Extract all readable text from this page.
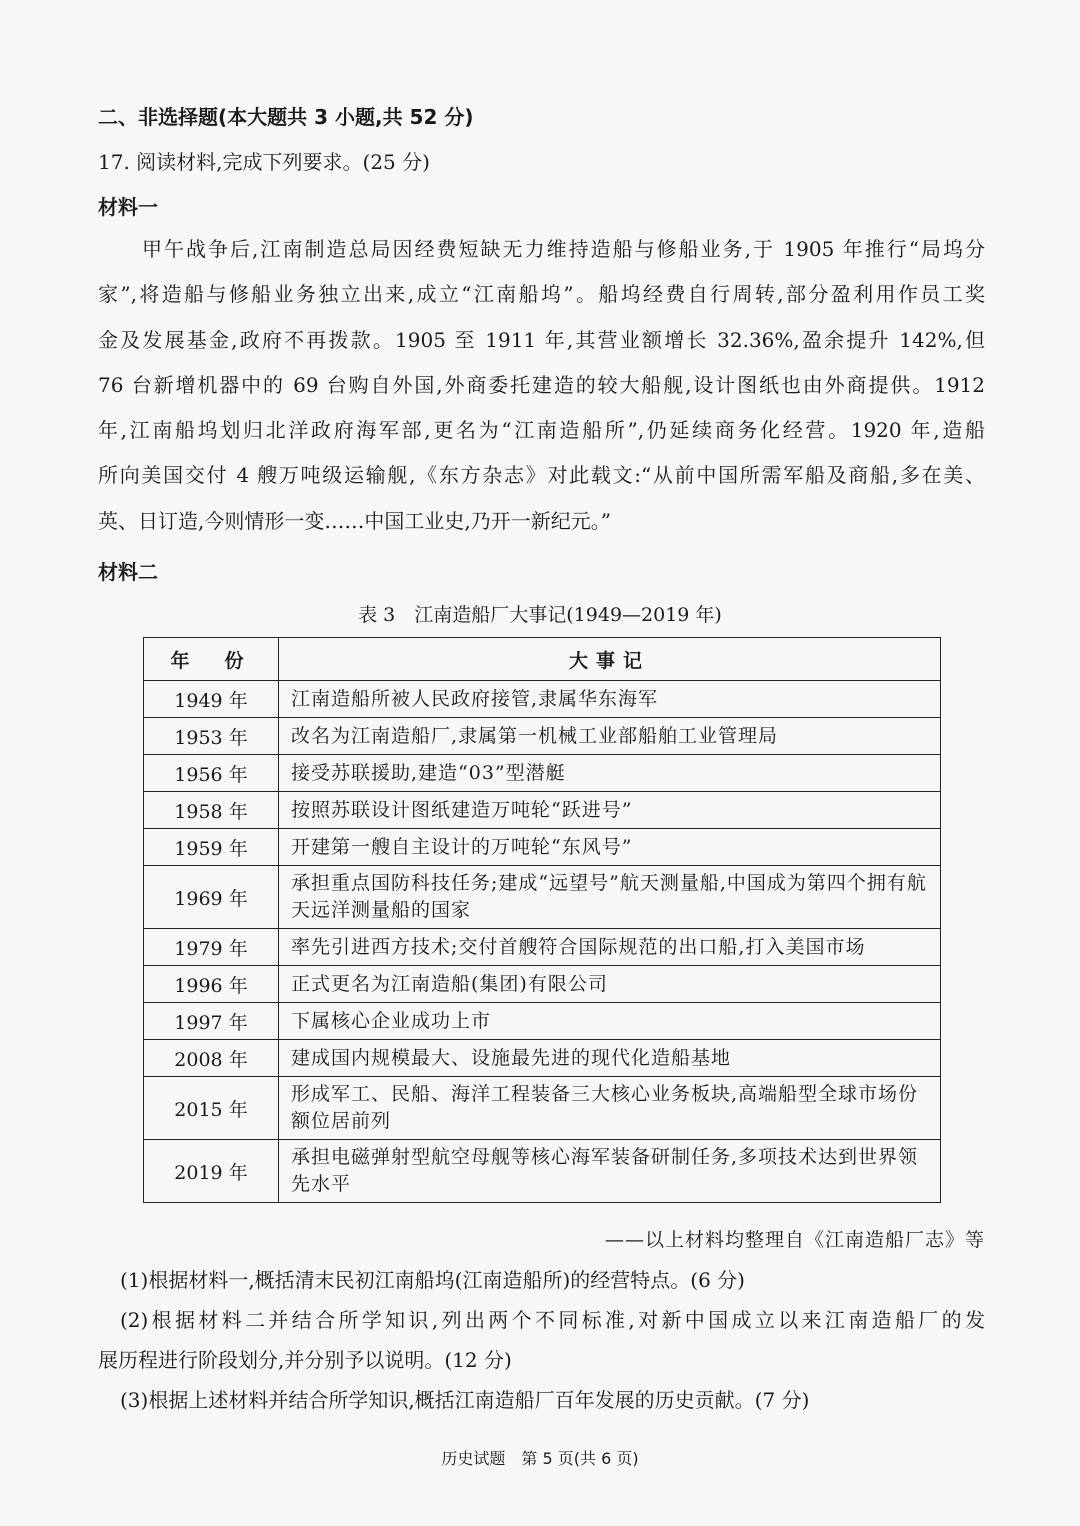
二、非选择题(本大题共 3 小题,共 52 分)
17. 阅读材料,完成下列要求。(25 分)
材料一
甲午战争后,江南制造总局因经费短缺无力维持造船与修船业务,于 1905 年推行“局坞分
家”,将造船与修船业务独立出来,成立“江南船坞”。船坞经费自行周转,部分盈利用作员工奖
金及发展基金,政府不再拨款。1905 至 1911 年,其营业额增长 32.36%,盈余提升 142%,但
76 台新增机器中的 69 台购自外国,外商委托建造的较大船舰,设计图纸也由外商提供。1912
年,江南船坞划归北洋政府海军部,更名为“江南造船所”,仍延续商务化经营。1920 年,造船
所向美国交付 4 艘万吨级运输舰,《东方杂志》对此载文:“从前中国所需军船及商船,多在美、
英、日订造,今则情形一变……中国工业史,乃开一新纪元。”
材料二
表 3　江南造船厂大事记(1949—2019 年)
年　份	大事记
1949 年	江南造船所被人民政府接管,隶属华东海军
1953 年	改名为江南造船厂,隶属第一机械工业部船舶工业管理局
1956 年	接受苏联援助,建造“03”型潜艇
1958 年	按照苏联设计图纸建造万吨轮“跃进号”
1959 年	开建第一艘自主设计的万吨轮“东风号”
1969 年	承担重点国防科技任务;建成“远望号”航天测量船,中国成为第四个拥有航天远洋测量船的国家
1979 年	率先引进西方技术;交付首艘符合国际规范的出口船,打入美国市场
1996 年	正式更名为江南造船(集团)有限公司
1997 年	下属核心企业成功上市
2008 年	建成国内规模最大、设施最先进的现代化造船基地
2015 年	形成军工、民船、海洋工程装备三大核心业务板块,高端船型全球市场份额位居前列
2019 年	承担电磁弹射型航空母舰等核心海军装备研制任务,多项技术达到世界领先水平
——以上材料均整理自《江南造船厂志》等
(1)根据材料一,概括清末民初江南船坞(江南造船所)的经营特点。(6 分)
(2)根据材料二并结合所学知识,列出两个不同标准,对新中国成立以来江南造船厂的发
展历程进行阶段划分,并分别予以说明。(12 分)
(3)根据上述材料并结合所学知识,概括江南造船厂百年发展的历史贡献。(7 分)
历史试题　第 5 页(共 6 页)
